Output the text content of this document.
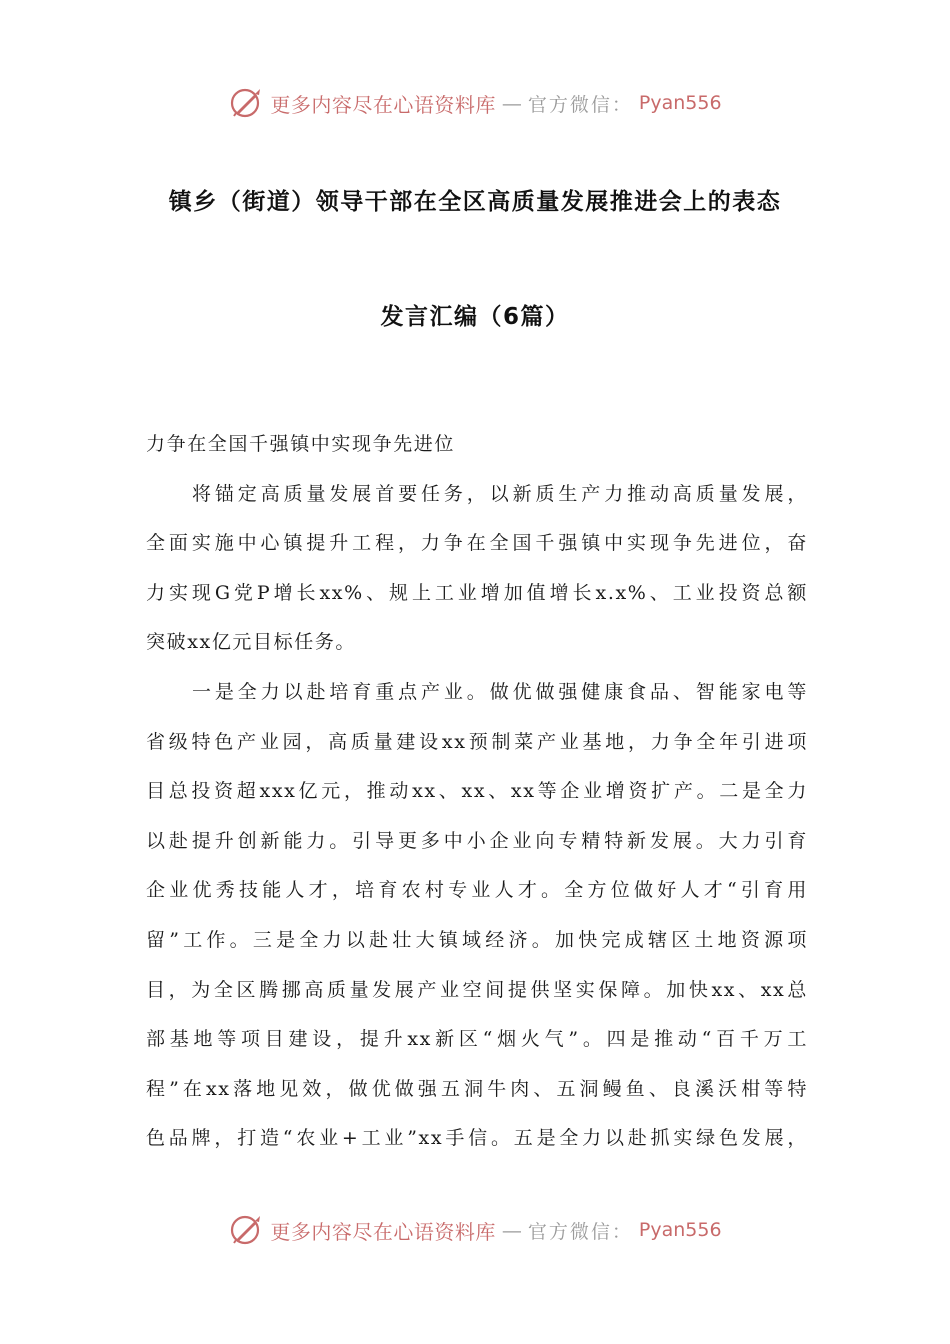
更多内容尽在心语资料库 — 官方微信： Pyan556
镇乡（街道）领导干部在全区高质量发展推进会上的表态
发言汇编（6篇）
力争在全国千强镇中实现争先进位
将锚定高质量发展首要任务，以新质生产力推动高质量发展，
全面实施中心镇提升工程，力争在全国千强镇中实现争先进位，奋
力实现G党P增长xx%、规上工业增加值增长x.x%、工业投资总额
突破xx亿元目标任务。
一是全力以赴培育重点产业。做优做强健康食品、智能家电等
省级特色产业园，高质量建设xx预制菜产业基地，力争全年引进项
目总投资超xxx亿元，推动xx、xx、xx等企业增资扩产。二是全力
以赴提升创新能力。引导更多中小企业向专精特新发展。大力引育
企业优秀技能人才，培育农村专业人才。全方位做好人才“引育用
留”工作。三是全力以赴壮大镇域经济。加快完成辖区土地资源项
目，为全区腾挪高质量发展产业空间提供坚实保障。加快xx、xx总
部基地等项目建设，提升xx新区“烟火气”。四是推动“百千万工
程”在xx落地见效，做优做强五洞牛肉、五洞鳗鱼、良溪沃柑等特
色品牌，打造“农业+工业”xx手信。五是全力以赴抓实绿色发展，
更多内容尽在心语资料库 — 官方微信： Pyan556
